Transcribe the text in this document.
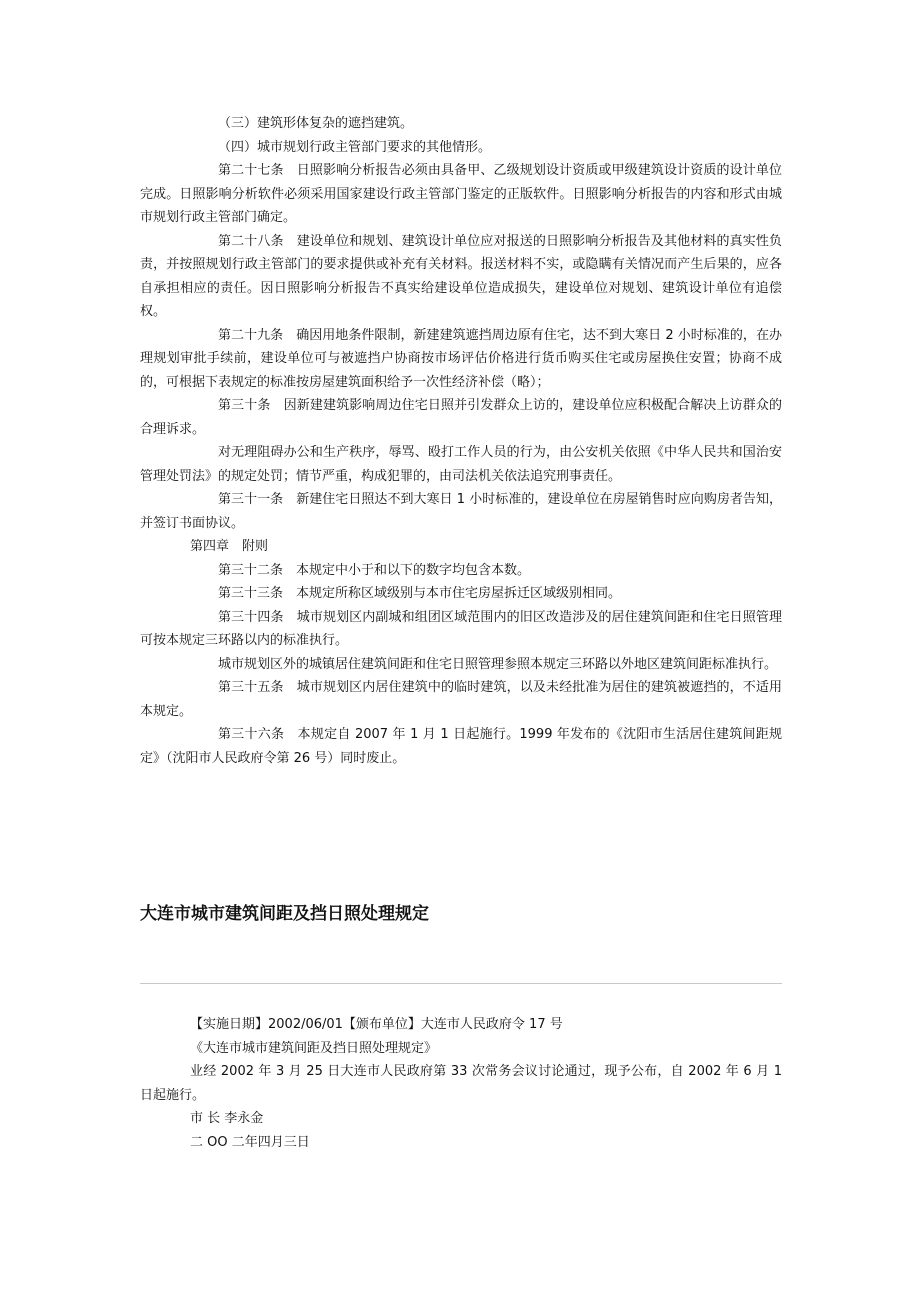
（三）建筑形体复杂的遮挡建筑。

（四）城市规划行政主管部门要求的其他情形。

第二十七条　日照影响分析报告必须由具备甲、乙级规划设计资质或甲级建筑设计资质的设计单位完成。日照影响分析软件必须采用国家建设行政主管部门鉴定的正版软件。日照影响分析报告的内容和形式由城市规划行政主管部门确定。

第二十八条　建设单位和规划、建筑设计单位应对报送的日照影响分析报告及其他材料的真实性负责，并按照规划行政主管部门的要求提供或补充有关材料。报送材料不实，或隐瞒有关情况而产生后果的，应各自承担相应的责任。因日照影响分析报告不真实给建设单位造成损失，建设单位对规划、建筑设计单位有追偿权。

第二十九条　确因用地条件限制，新建建筑遮挡周边原有住宅，达不到大寒日 2 小时标准的，在办理规划审批手续前，建设单位可与被遮挡户协商按市场评估价格进行货币购买住宅或房屋换住安置；协商不成的，可根据下表规定的标准按房屋建筑面积给予一次性经济补偿（略）；

第三十条　因新建建筑影响周边住宅日照并引发群众上访的，建设单位应积极配合解决上访群众的合理诉求。

对无理阻碍办公和生产秩序，辱骂、殴打工作人员的行为，由公安机关依照《中华人民共和国治安管理处罚法》的规定处罚；情节严重，构成犯罪的，由司法机关依法追究刑事责任。

第三十一条　新建住宅日照达不到大寒日 1 小时标准的，建设单位在房屋销售时应向购房者告知，并签订书面协议。

第四章　附则

第三十二条　本规定中小于和以下的数字均包含本数。

第三十三条　本规定所称区域级别与本市住宅房屋拆迁区域级别相同。

第三十四条　城市规划区内副城和组团区域范围内的旧区改造涉及的居住建筑间距和住宅日照管理可按本规定三环路以内的标准执行。

城市规划区外的城镇居住建筑间距和住宅日照管理参照本规定三环路以外地区建筑间距标准执行。

第三十五条　城市规划区内居住建筑中的临时建筑，以及未经批准为居住的建筑被遮挡的，不适用本规定。

第三十六条　本规定自 2007 年 1 月 1 日起施行。1999 年发布的《沈阳市生活居住建筑间距规定》（沈阳市人民政府令第 26 号）同时废止。

大连市城市建筑间距及挡日照处理规定

【实施日期】2002/06/01【颁布单位】大连市人民政府令 17 号

《大连市城市建筑间距及挡日照处理规定》

业经 2002 年 3 月 25 日大连市人民政府第 33 次常务会议讨论通过，现予公布，自 2002 年 6 月 1 日起施行。

市 长 李永金

二 OO 二年四月三日
